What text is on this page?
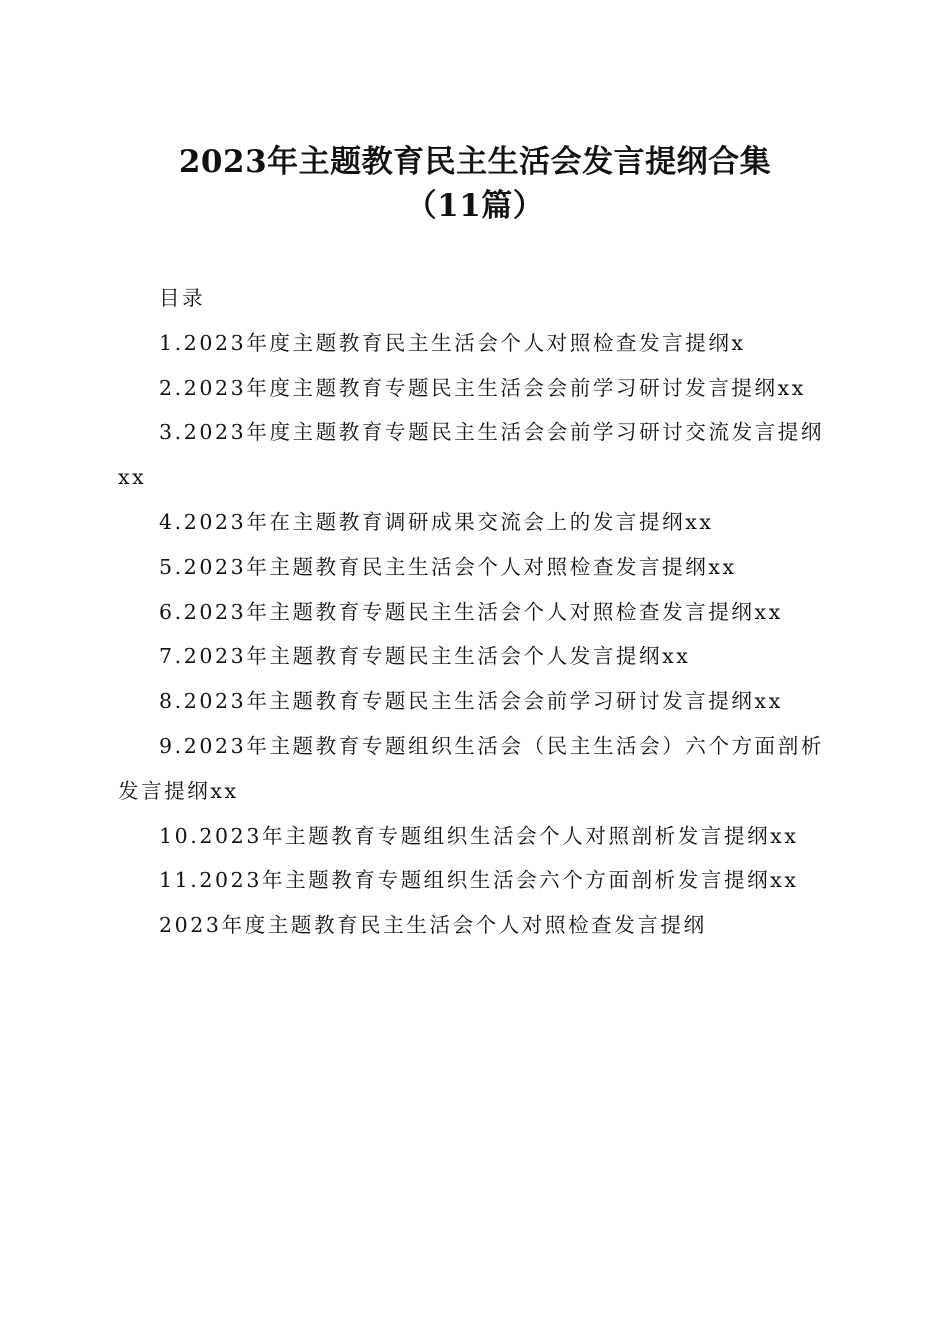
2023年主题教育民主生活会发言提纲合集
（11篇）

目录

1.2023年度主题教育民主生活会个人对照检查发言提纲x

2.2023年度主题教育专题民主生活会会前学习研讨发言提纲xx

3.2023年度主题教育专题民主生活会会前学习研讨交流发言提纲xx

4.2023年在主题教育调研成果交流会上的发言提纲xx

5.2023年主题教育民主生活会个人对照检查发言提纲xx

6.2023年主题教育专题民主生活会个人对照检查发言提纲xx

7.2023年主题教育专题民主生活会个人发言提纲xx

8.2023年主题教育专题民主生活会会前学习研讨发言提纲xx

9.2023年主题教育专题组织生活会（民主生活会）六个方面剖析发言提纲xx

10.2023年主题教育专题组织生活会个人对照剖析发言提纲xx

11.2023年主题教育专题组织生活会六个方面剖析发言提纲xx

2023年度主题教育民主生活会个人对照检查发言提纲
